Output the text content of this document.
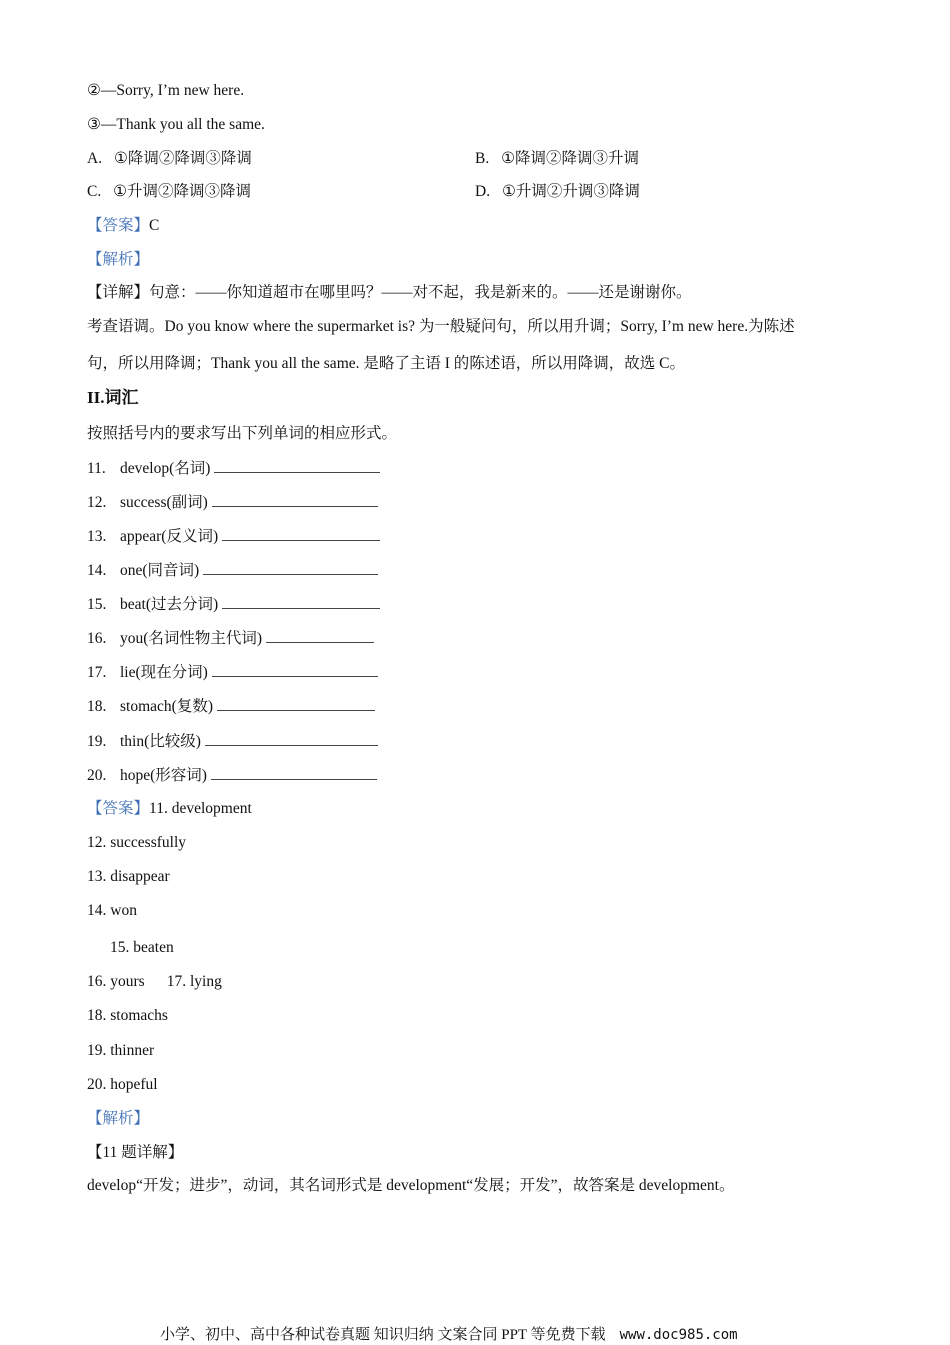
②—Sorry, I’m new here.
③—Thank you all the same.
A. ①降调②降调③降调	B. ①降调②降调③升调
C. ①升调②降调③降调	D. ①升调②升调③降调
【答案】C
【解析】
【详解】句意：——你知道超市在哪里吗？——对不起，我是新来的。——还是谢谢你。
考查语调。Do you know where the supermarket is? 为一般疑问句，所以用升调；Sorry, I’m new here.为陈述
句，所以用降调；Thank you all the same. 是略了主语 I 的陈述语，所以用降调，故选 C。
II.词汇
按照括号内的要求写出下列单词的相应形式。
11. develop(名词)
12. success(副词)
13. appear(反义词)
14. one(同音词)
15. beat(过去分词)
16. you(名词性物主代词)
17. lie(现在分词)
18. stomach(复数)
19. thin(比较级)
20. hope(形容词)
【答案】11. development
12. successfully
13. disappear
14. won
15. beaten
16. yours 17. lying
18. stomachs
19. thinner
20. hopeful
【解析】
【11 题详解】
develop“开发；进步”，动词，其名词形式是 development“发展；开发”，故答案是 development。
小学、初中、高中各种试卷真题 知识归纳 文案合同 PPT 等免费下载 www.doc985.com
